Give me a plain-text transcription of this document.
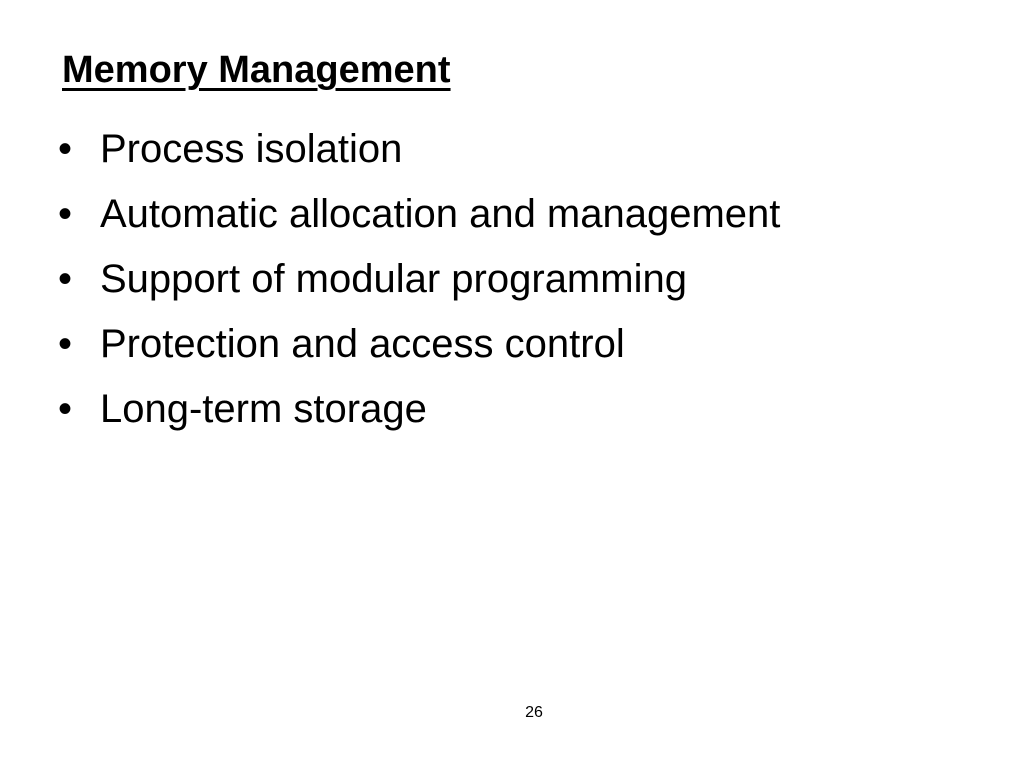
Memory Management
• Process isolation
• Automatic allocation and management
• Support of modular programming
• Protection and access control
• Long-term storage
26
